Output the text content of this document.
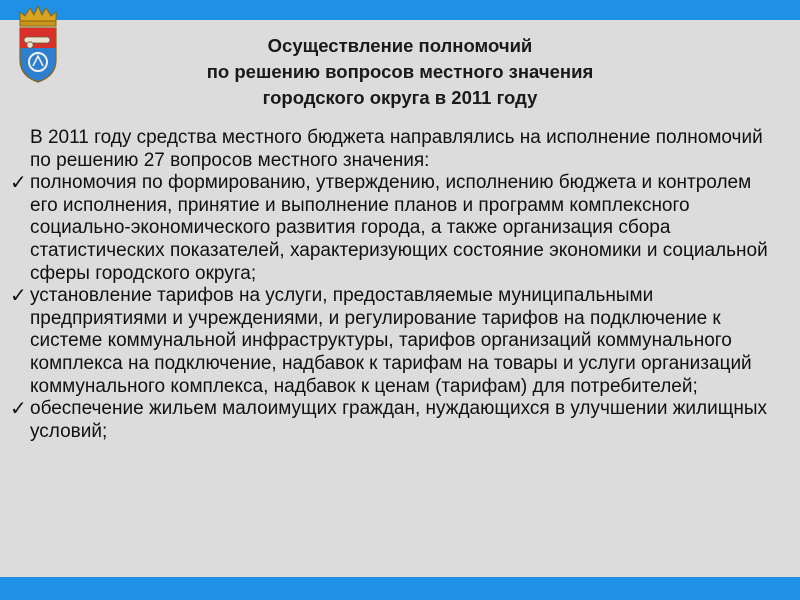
Осуществление полномочий
по решению вопросов местного значения
городского округа в 2011 году
В 2011 году средства местного бюджета направлялись на исполнение полномочий по решению 27 вопросов местного значения:
✓ полномочия по формированию, утверждению, исполнению бюджета и контролем его исполнения, принятие и выполнение планов и программ комплексного социально-экономического развития города, а также организация сбора статистических показателей, характеризующих состояние экономики и социальной сферы городского округа;
✓ установление тарифов на услуги, предоставляемые муниципальными предприятиями и учреждениями, и регулирование тарифов на подключение к системе коммунальной инфраструктуры, тарифов организаций коммунального комплекса на подключение, надбавок к тарифам на товары и услуги организаций коммунального комплекса, надбавок к ценам (тарифам) для потребителей;
✓ обеспечение жильем малоимущих граждан, нуждающихся в улучшении жилищных условий;
